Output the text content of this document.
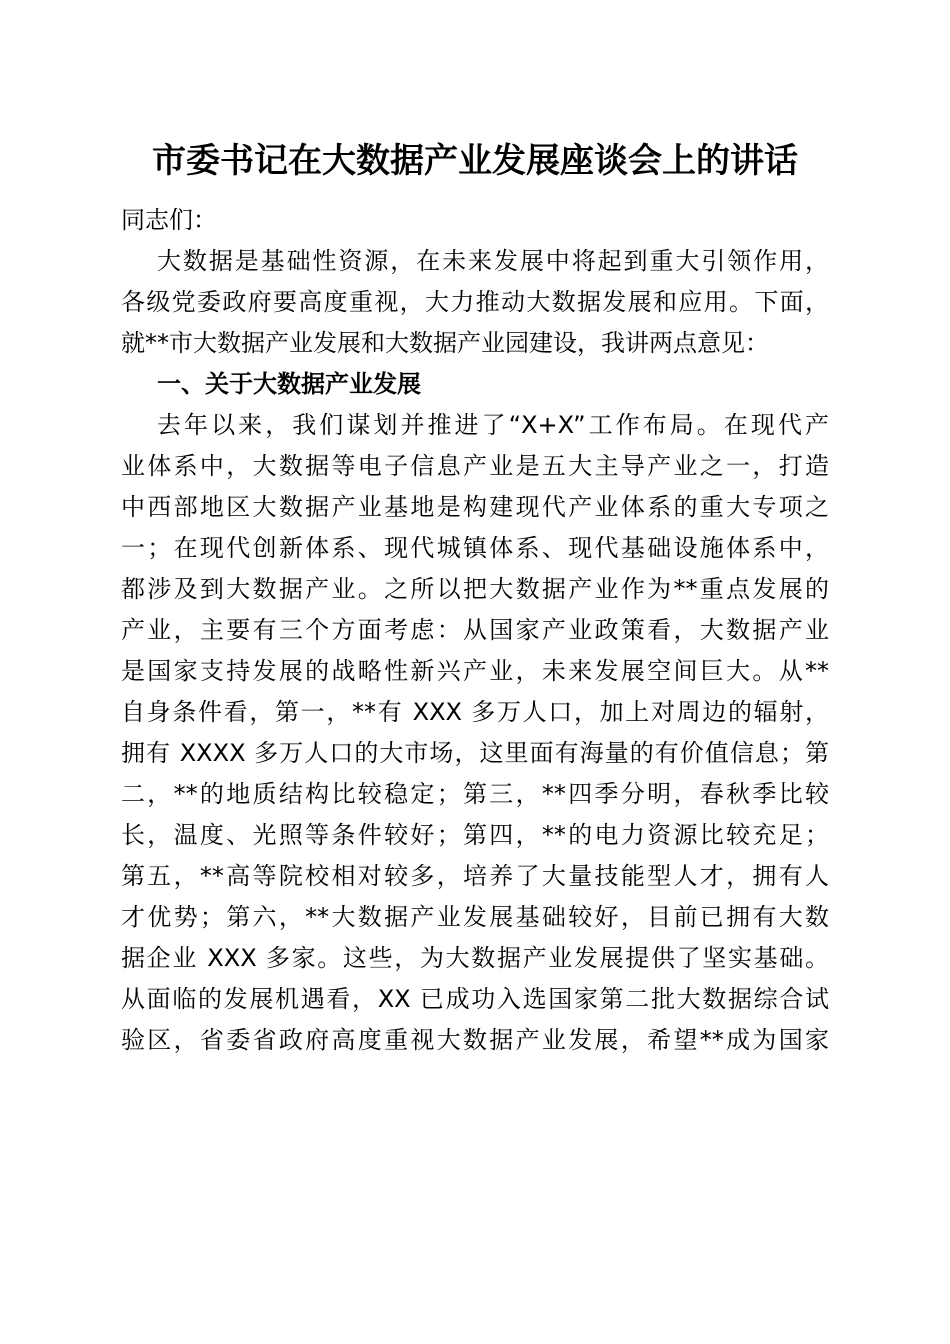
市委书记在大数据产业发展座谈会上的讲话
同志们：
大数据是基础性资源，在未来发展中将起到重大引领作用，
各级党委政府要高度重视，大力推动大数据发展和应用。下面，
就**市大数据产业发展和大数据产业园建设，我讲两点意见：
一、关于大数据产业发展
去年以来，我们谋划并推进了“X+X”工作布局。在现代产
业体系中，大数据等电子信息产业是五大主导产业之一，打造
中西部地区大数据产业基地是构建现代产业体系的重大专项之
一；在现代创新体系、现代城镇体系、现代基础设施体系中，
都涉及到大数据产业。之所以把大数据产业作为**重点发展的
产业，主要有三个方面考虑：从国家产业政策看，大数据产业
是国家支持发展的战略性新兴产业，未来发展空间巨大。从**
自身条件看，第一，**有 XXX 多万人口，加上对周边的辐射，
拥有 XXXX 多万人口的大市场，这里面有海量的有价值信息；第
二，**的地质结构比较稳定；第三，**四季分明，春秋季比较
长，温度、光照等条件较好；第四，**的电力资源比较充足；
第五，**高等院校相对较多，培养了大量技能型人才，拥有人
才优势；第六，**大数据产业发展基础较好，目前已拥有大数
据企业 XXX 多家。这些，为大数据产业发展提供了坚实基础。
从面临的发展机遇看，XX 已成功入选国家第二批大数据综合试
验区，省委省政府高度重视大数据产业发展，希望**成为国家
